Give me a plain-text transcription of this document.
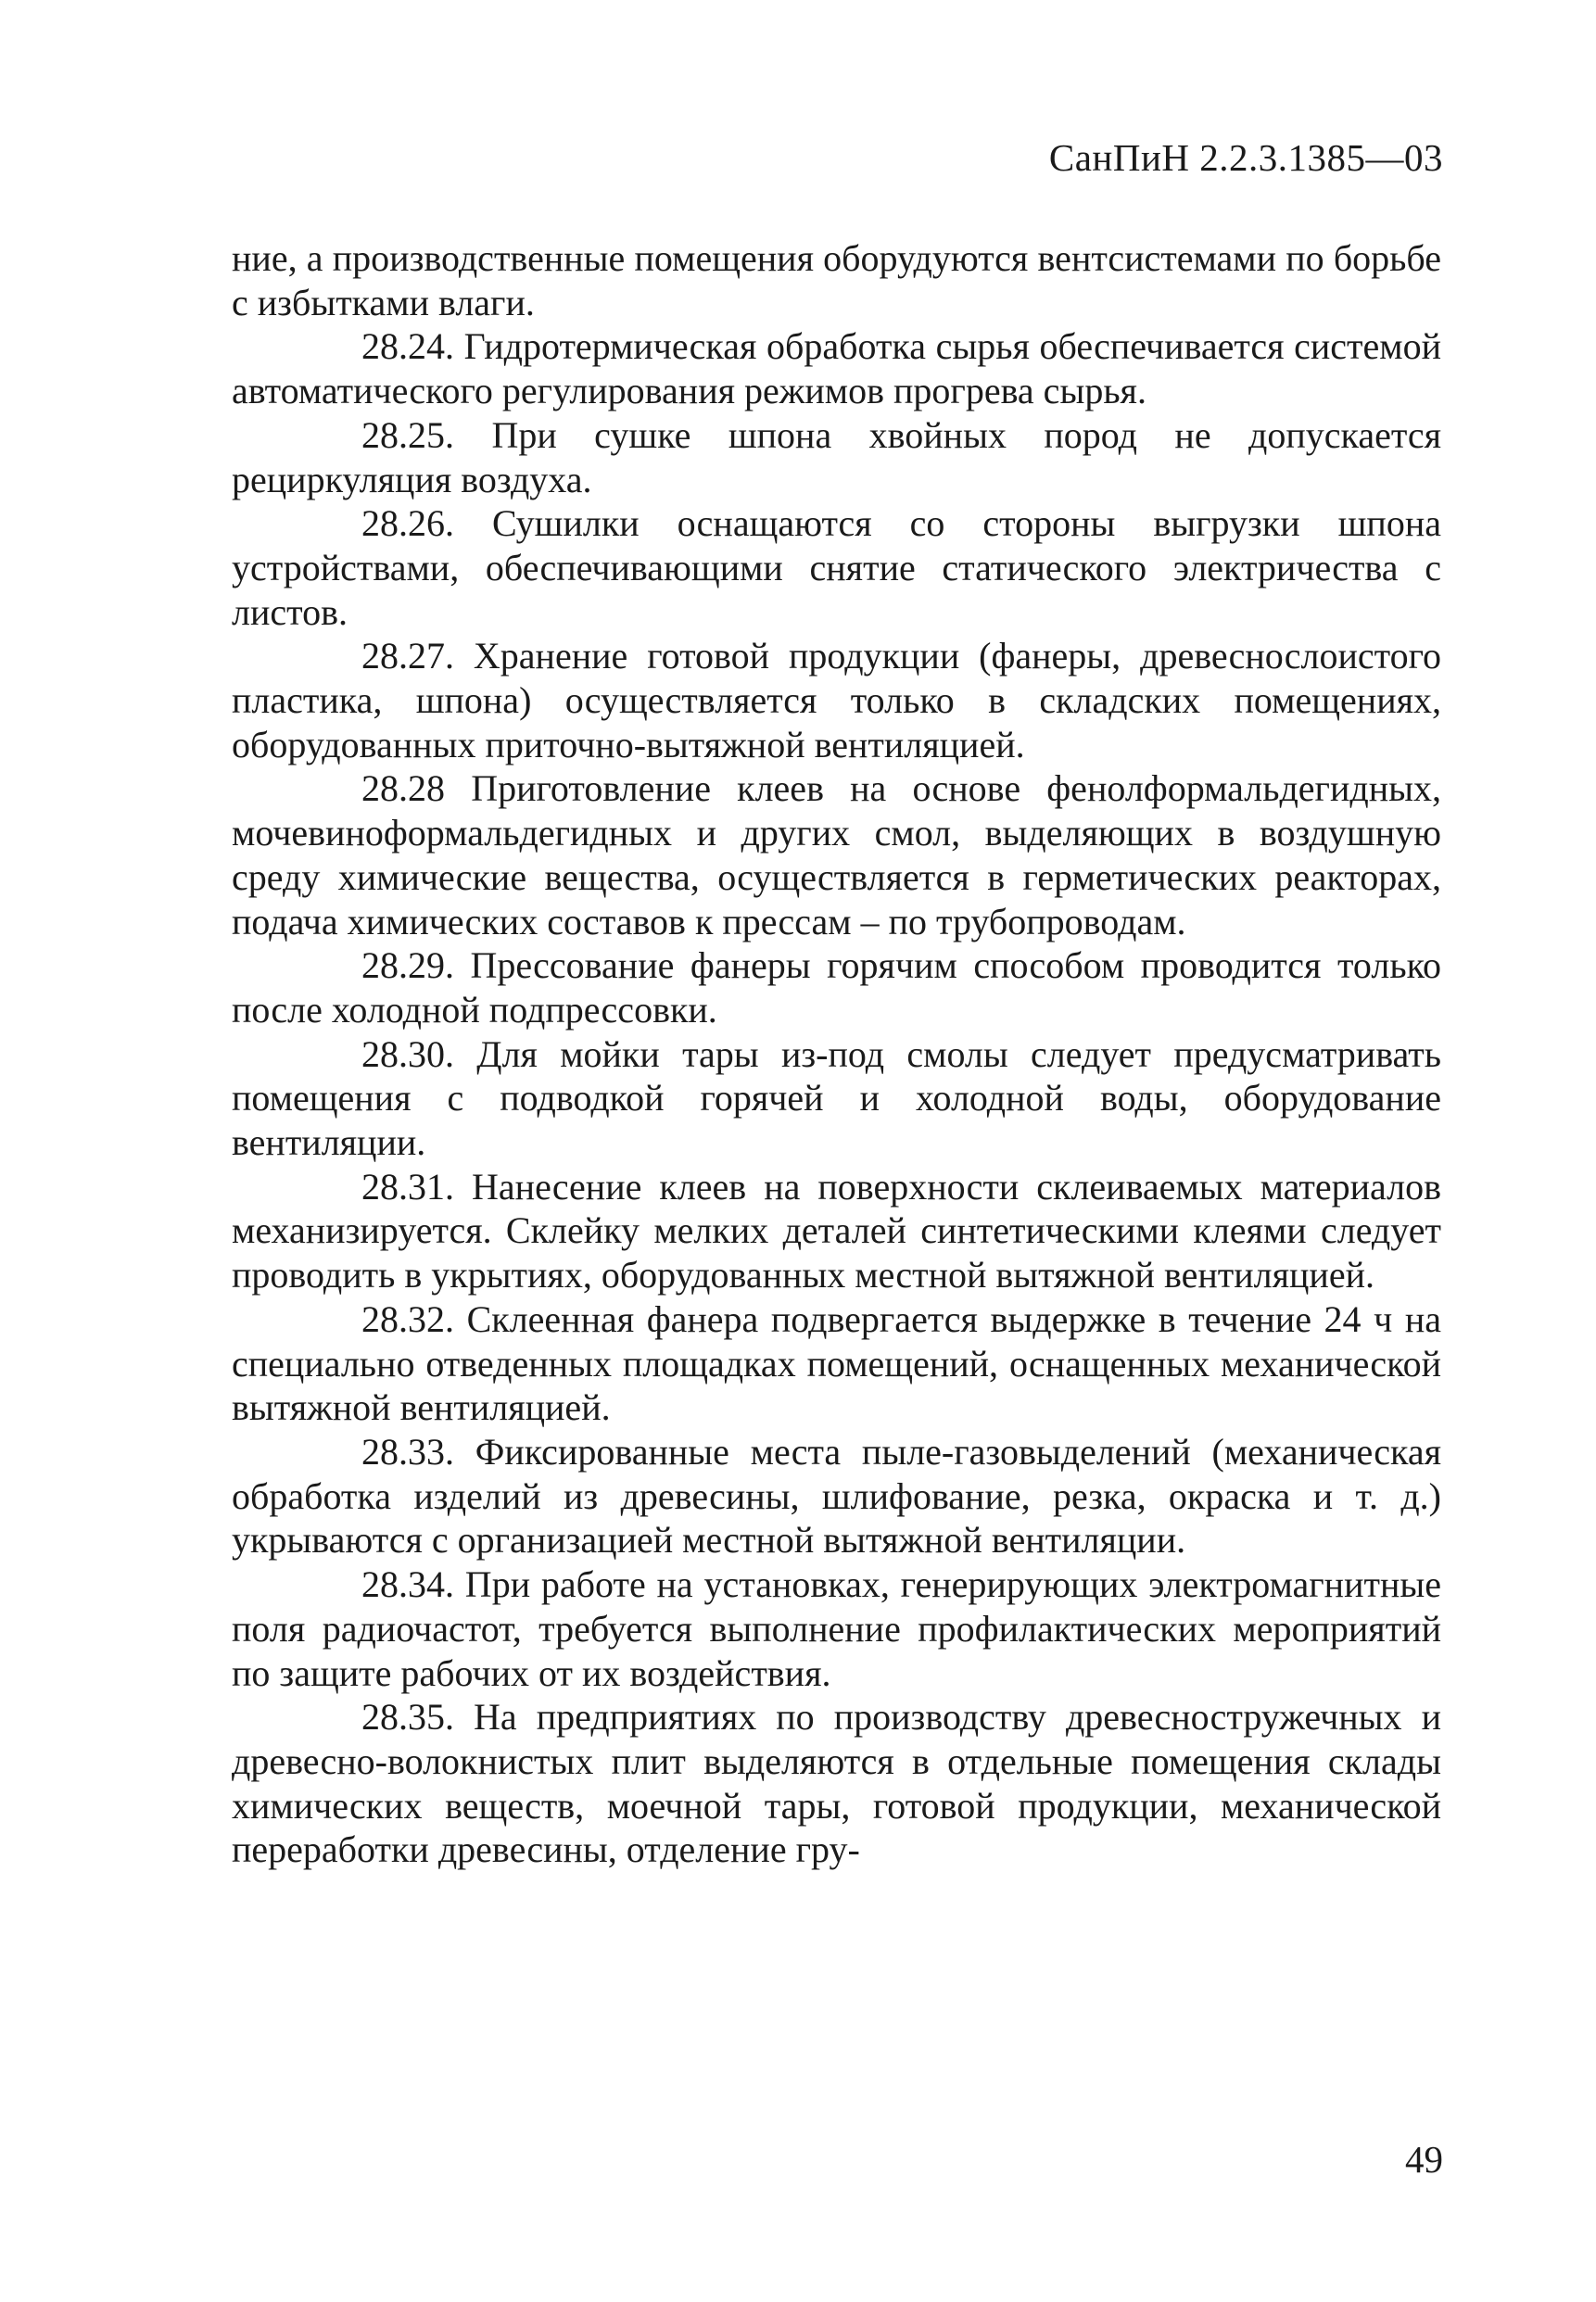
СанПиН 2.2.3.1385—03

ние, а производственные помещения оборудуются вентсистемами по борьбе с избытками влаги.

28.24. Гидротермическая обработка сырья обеспечивается системой автоматического регулирования режимов прогрева сырья.

28.25. При сушке шпона хвойных пород не допускается рециркуляция воздуха.

28.26. Сушилки оснащаются со стороны выгрузки шпона устройствами, обеспечивающими снятие статического электричества с листов.

28.27. Хранение готовой продукции (фанеры, древеснослоистого пластика, шпона) осуществляется только в складских помещениях, оборудованных приточно-вытяжной вентиляцией.

28.28 Приготовление клеев на основе фенолформальдегидных, мочевиноформальдегидных и других смол, выделяющих в воздушную среду химические вещества, осуществляется в герметических реакторах, подача химических составов к прессам – по трубопроводам.

28.29. Прессование фанеры горячим способом проводится только после холодной подпрессовки.

28.30. Для мойки тары из-под смолы следует предусматривать помещения с подводкой горячей и холодной воды, оборудование вентиляции.

28.31. Нанесение клеев на поверхности склеиваемых материалов механизируется. Склейку мелких деталей синтетическими клеями следует проводить в укрытиях, оборудованных местной вытяжной вентиляцией.

28.32. Склеенная фанера подвергается выдержке в течение 24 ч на специально отведенных площадках помещений, оснащенных механической вытяжной вентиляцией.

28.33. Фиксированные места пыле-газовыделений (механическая обработка изделий из древесины, шлифование, резка, окраска и т. д.) укрываются с организацией местной вытяжной вентиляции.

28.34. При работе на установках, генерирующих электромагнитные поля радиочастот, требуется выполнение профилактических мероприятий по защите рабочих от их воздействия.

28.35. На предприятиях по производству древесностружечных и древесно-волокнистых плит выделяются в отдельные помещения склады химических веществ, моечной тары, готовой продукции, механической переработки древесины, отделение гру-

49
